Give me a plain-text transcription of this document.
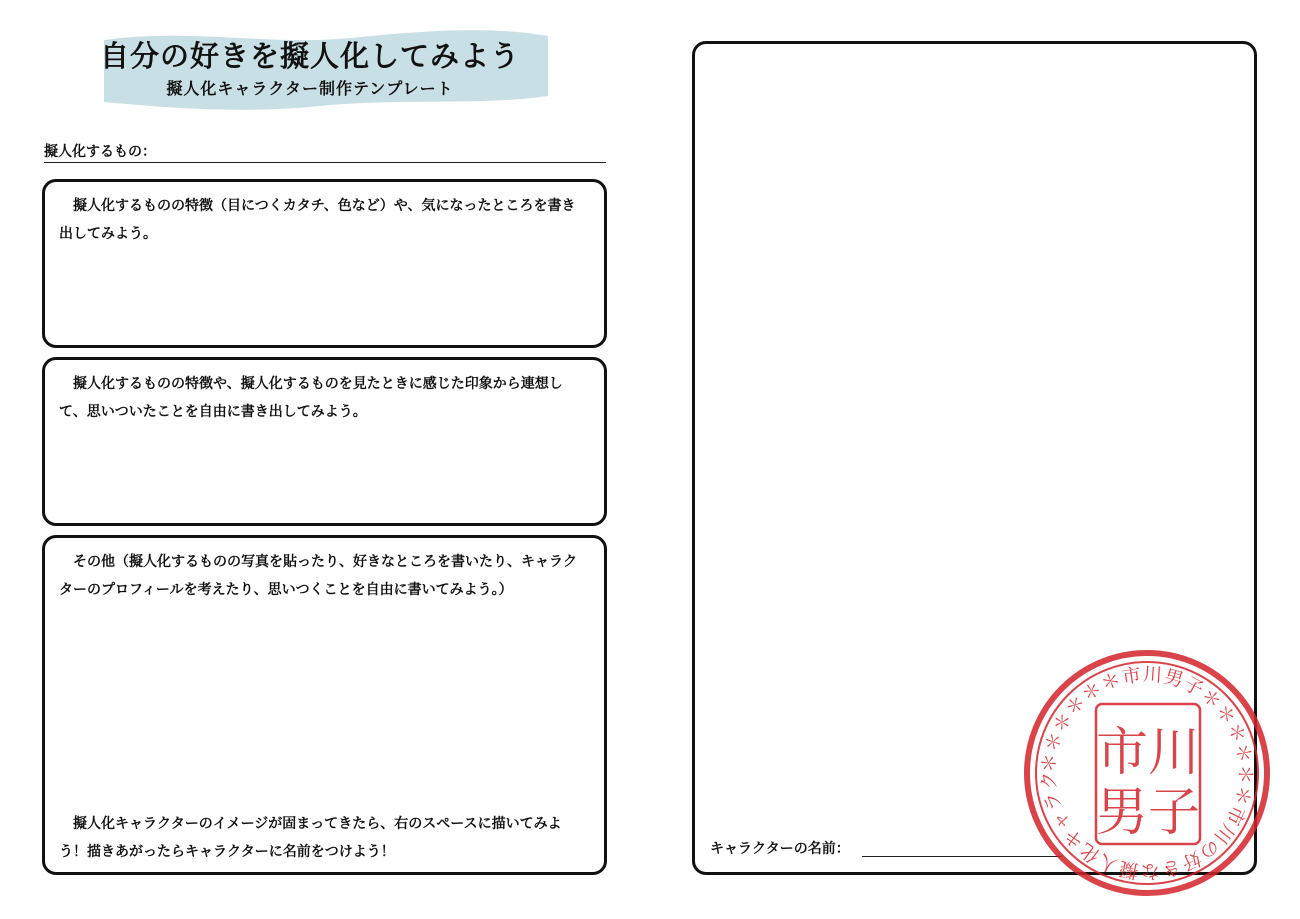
自分の好きを擬人化してみよう
擬人化キャラクター制作テンプレート
擬人化するもの：
擬人化するものの特徴（目につくカタチ、色など）や、気になったところを書き出してみよう。
擬人化するものの特徴や、擬人化するものを見たときに感じた印象から連想して、思いついたことを自由に書き出してみよう。
その他（擬人化するものの写真を貼ったり、好きなところを書いたり、キャラクターのプロフィールを考えたり、思いつくことを自由に書いてみよう。）
擬人化キャラクターのイメージが固まってきたら、右のスペースに描いてみよう！描きあがったらキャラクターに名前をつけよう！	キャラクターの名前：
＊＊＊＊＊＊市川男子＊＊＊＊＊＊市川の好きな擬人化キャラク 市川
男子
